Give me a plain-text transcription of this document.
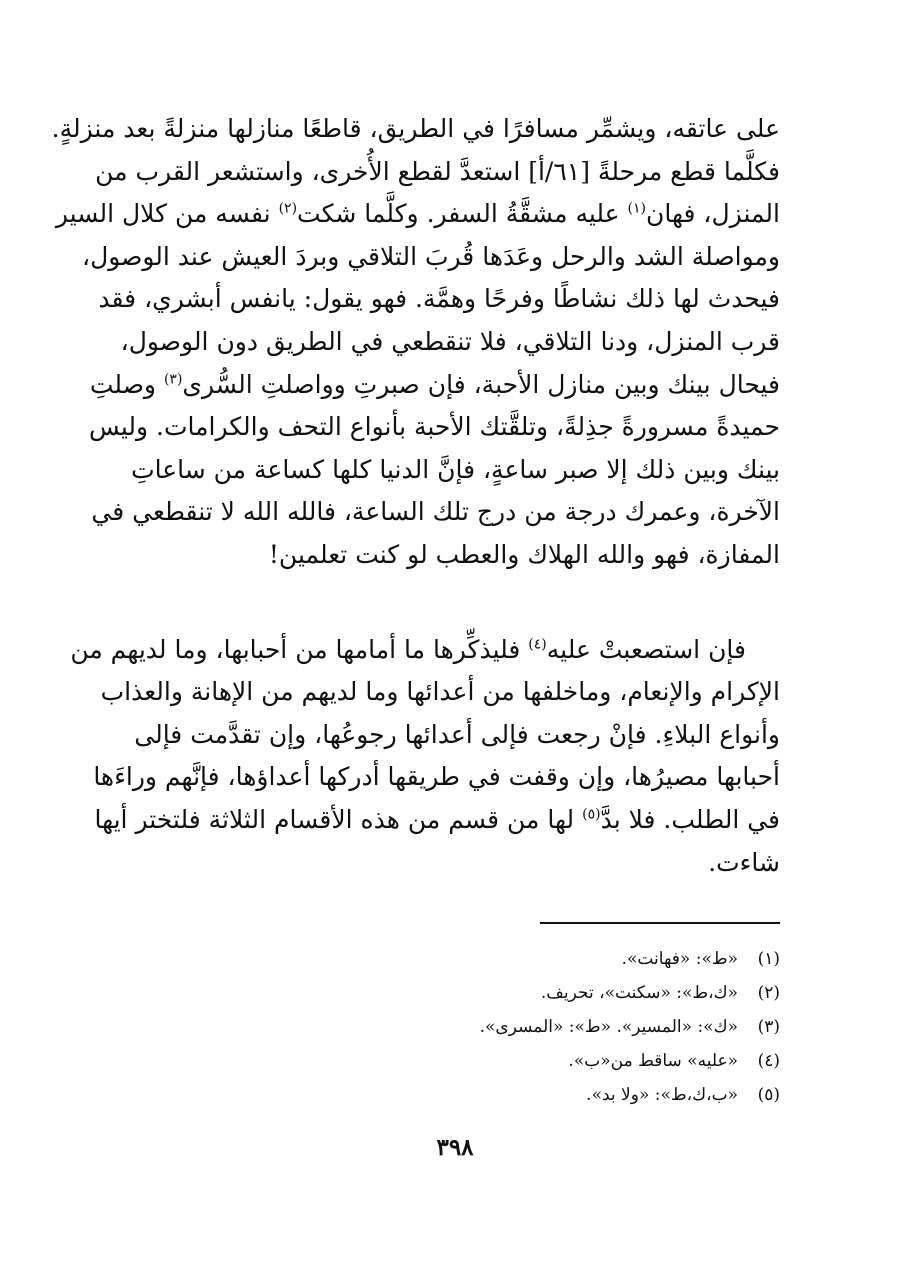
على عاتقه، ويشمِّر مسافرًا في الطريق، قاطعًا منازلها منزلةً بعد منزلةٍ.
فكلَّما قطع مرحلةً [٦١/أ] استعدَّ لقطع الأُخرى، واستشعر القرب من
المنزل، فهان$^{(١)}$ عليه مشقَّةُ السفر. وكلَّما شكت$^{(٢)}$ نفسه من كلال السير
ومواصلة الشد والرحل وعَدَها قُربَ التلاقي وبردَ العيش عند الوصول،
فيحدث لها ذلك نشاطًا وفرحًا وهمَّة. فهو يقول: يانفس أبشري، فقد
قرب المنزل، ودنا التلاقي، فلا تنقطعي في الطريق دون الوصول،
فيحال بينك وبين منازل الأحبة، فإن صبرتِ وواصلتِ السُّرى$^{(٣)}$ وصلتِ
حميدةً مسرورةً جذِلةً، وتلقَّتك الأحبة بأنواع التحف والكرامات. وليس
بينك وبين ذلك إلا صبر ساعةٍ، فإنَّ الدنيا كلها كساعة من ساعاتِ
الآخرة، وعمرك درجة من درج تلك الساعة، فالله الله لا تنقطعي في
المفازة، فهو والله الهلاك والعطب لو كنت تعلمين!
فإن استصعبتْ عليه$^{(٤)}$ فليذكِّرها ما أمامها من أحبابها، وما لديهم من
الإكرام والإنعام، وماخلفها من أعدائها وما لديهم من الإهانة والعذاب
وأنواع البلاءِ. فإنْ رجعت فإلى أعدائها رجوعُها، وإن تقدَّمت فإلى
أحبابها مصيرُها، وإن وقفت في طريقها أدركها أعداؤها، فإنَّهم وراءَها
في الطلب. فلا بدَّ$^{(٥)}$ لها من قسم من هذه الأقسام الثلاثة فلتختر أيها
شاءت.
(١)
«ط»: «فهانت».
(٢)
«ك،ط»: «سكنت»، تحريف.
(٣)
«ك»: «المسير». «ط»: «المسرى».
(٤)
«عليه» ساقط من«ب».
(٥)
«ب،ك،ط»: «ولا بد».
٣٩٨
